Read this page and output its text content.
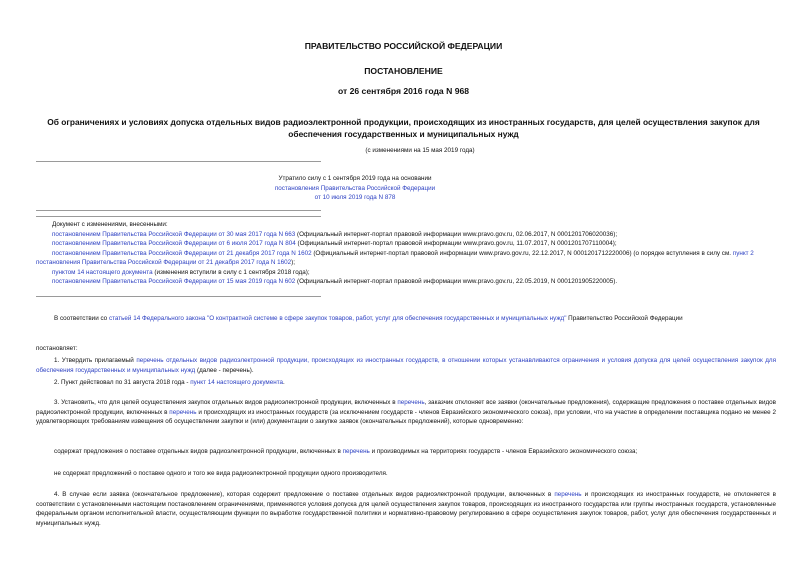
ПРАВИТЕЛЬСТВО РОССИЙСКОЙ ФЕДЕРАЦИИ
ПОСТАНОВЛЕНИЕ
от 26 сентября 2016 года N 968
Об ограничениях и условиях допуска отдельных видов радиоэлектронной продукции, происходящих из иностранных государств, для целей осуществления закупок для обеспечения государственных и муниципальных нужд
(с изменениями на 15 мая 2019 года)
Утратило силу с 1 сентября 2019 года на основании
постановления Правительства Российской Федерации
от 10 июля 2019 года N 878
Документ с изменениями, внесенными:
постановлением Правительства Российской Федерации от 30 мая 2017 года N 663 (Официальный интернет-портал правовой информации www.pravo.gov.ru, 02.06.2017, N 0001201706020036);
постановлением Правительства Российской Федерации от 6 июля 2017 года N 804 (Официальный интернет-портал правовой информации www.pravo.gov.ru, 11.07.2017, N 0001201707110004);
постановлением Правительства Российской Федерации от 21 декабря 2017 года N 1602 (Официальный интернет-портал правовой информации www.pravo.gov.ru, 22.12.2017, N 0001201712220006) (о порядке вступления в силу см. пункт 2 постановления Правительства Российской Федерации от 21 декабря 2017 года N 1602);
пунктом 14 настоящего документа (изменения вступили в силу с 1 сентября 2018 года);
постановлением Правительства Российской Федерации от 15 мая 2019 года N 602 (Официальный интернет-портал правовой информации www.pravo.gov.ru, 22.05.2019, N 0001201905220005).
В соответствии со статьей 14 Федерального закона "О контрактной системе в сфере закупок товаров, работ, услуг для обеспечения государственных и муниципальных нужд" Правительство Российской Федерации
постановляет:
1. Утвердить прилагаемый перечень отдельных видов радиоэлектронной продукции, происходящих из иностранных государств, в отношении которых устанавливаются ограничения и условия допуска для целей осуществления закупок для обеспечения государственных и муниципальных нужд (далее - перечень).
2. Пункт действовал по 31 августа 2018 года - пункт 14 настоящего документа.
3. Установить, что для целей осуществления закупок отдельных видов радиоэлектронной продукции, включенных в перечень, заказчик отклоняет все заявки (окончательные предложения), содержащие предложения о поставке отдельных видов радиоэлектронной продукции, включенных в перечень и происходящих из иностранных государств (за исключением государств - членов Евразийского экономического союза), при условии, что на участие в определении поставщика подано не менее 2 удовлетворяющих требованиям извещения об осуществлении закупки и (или) документации о закупке заявок (окончательных предложений), которые одновременно:
содержат предложения о поставке отдельных видов радиоэлектронной продукции, включенных в перечень и производимых на территориях государств - членов Евразийского экономического союза;
не содержат предложений о поставке одного и того же вида радиоэлектронной продукции одного производителя.
4. В случае если заявка (окончательное предложение), которая содержит предложение о поставке отдельных видов радиоэлектронной продукции, включенных в перечень и происходящих из иностранных государств, не отклоняется в соответствии с установленными настоящим постановлением ограничениями, применяются условия допуска для целей осуществления закупок товаров, происходящих из иностранного государства или группы иностранных государств, установленные федеральным органом исполнительной власти, осуществляющим функции по выработке государственной политики и нормативно-правовому регулированию в сфере осуществления закупок товаров, работ, услуг для обеспечения государственных и муниципальных нужд.
